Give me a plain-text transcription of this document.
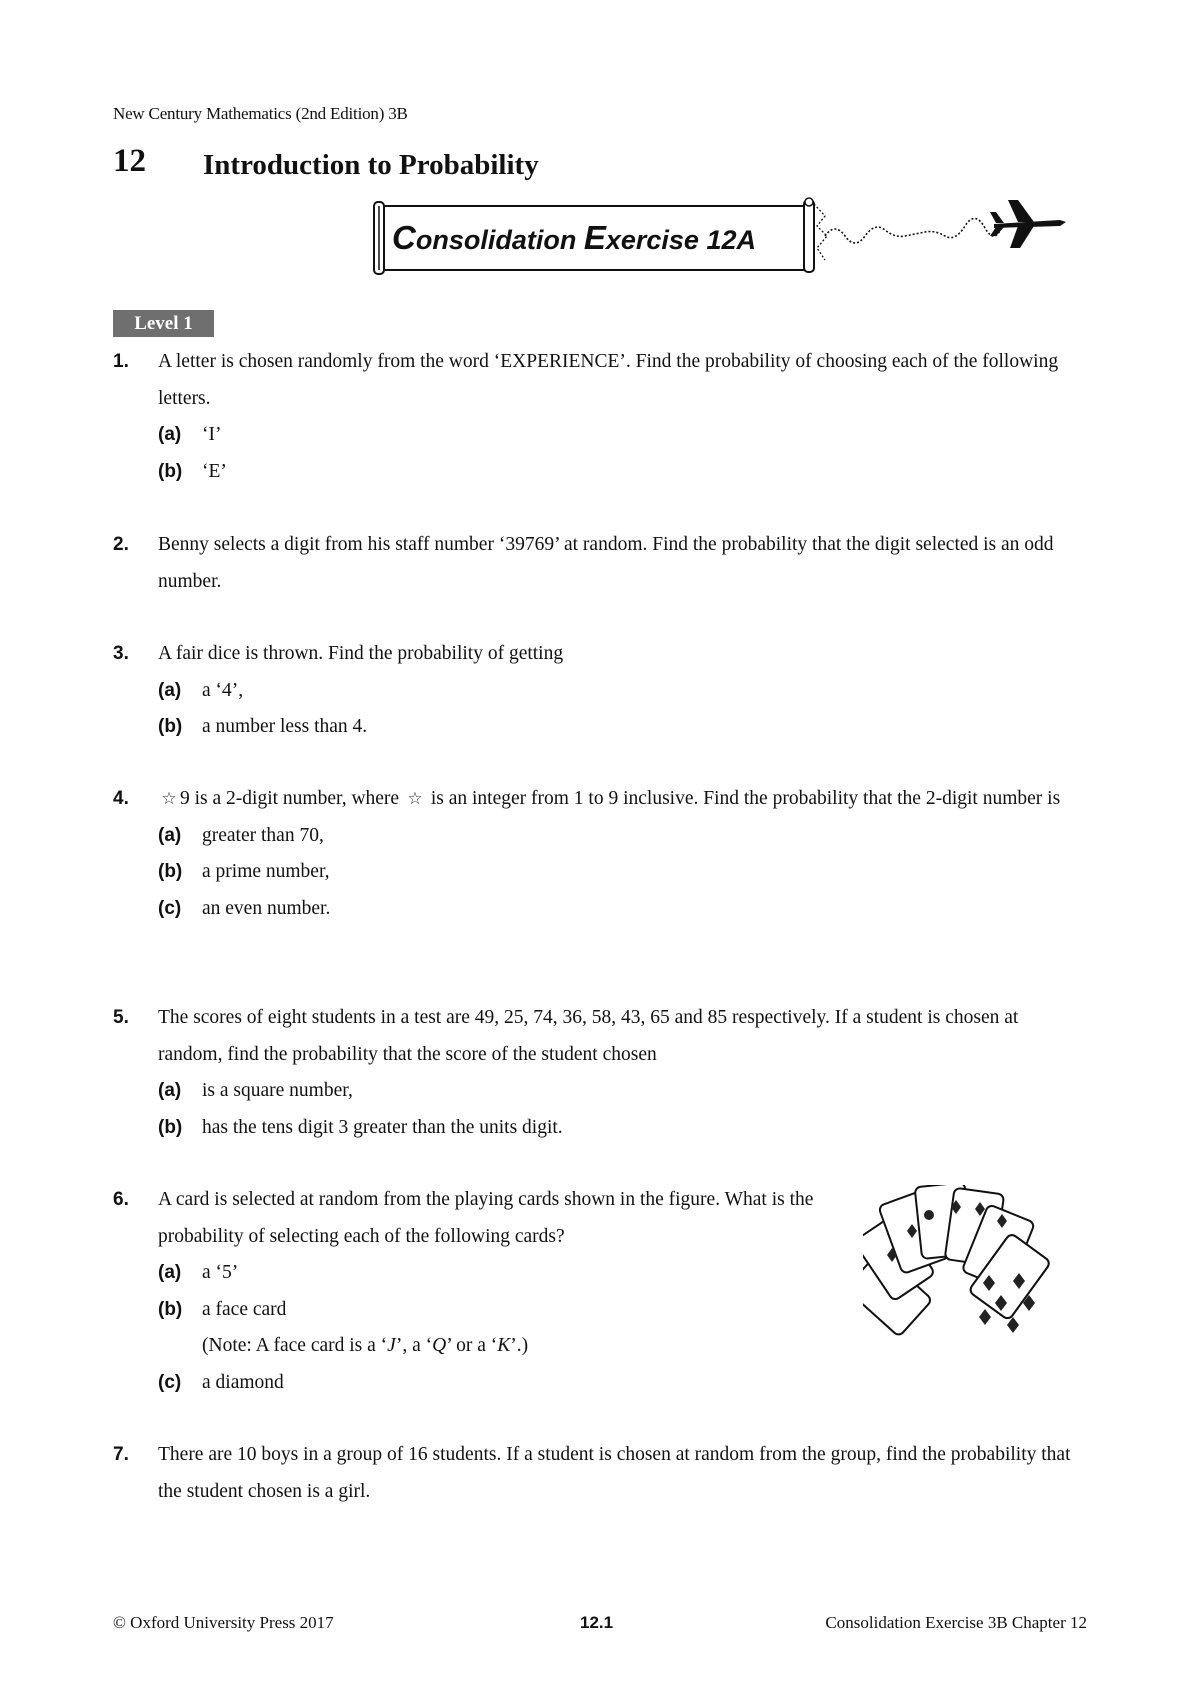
New Century Mathematics (2nd Edition) 3B
12 Introduction to Probability
Consolidation Exercise 12A
Level 1
1. A letter is chosen randomly from the word ‘EXPERIENCE’. Find the probability of choosing each of the following letters.
(a) ‘I’
(b) ‘E’
2. Benny selects a digit from his staff number ‘39769’ at random. Find the probability that the digit selected is an odd number.
3. A fair dice is thrown. Find the probability of getting
(a) a ‘4’,
(b) a number less than 4.
4. ☆ 9 is a 2-digit number, where ☆ is an integer from 1 to 9 inclusive. Find the probability that the 2-digit number is
(a) greater than 70,
(b) a prime number,
(c) an even number.
5. The scores of eight students in a test are 49, 25, 74, 36, 58, 43, 65 and 85 respectively. If a student is chosen at random, find the probability that the score of the student chosen
(a) is a square number,
(b) has the tens digit 3 greater than the units digit.
6. A card is selected at random from the playing cards shown in the figure. What is the probability of selecting each of the following cards?
(a) a ‘5’
(b) a face card
(Note: A face card is a ‘J’, a ‘Q’ or a ‘K’.)
(c) a diamond
7. There are 10 boys in a group of 16 students. If a student is chosen at random from the group, find the probability that the student chosen is a girl.
© Oxford University Press 2017	12.1	Consolidation Exercise 3B Chapter 12
